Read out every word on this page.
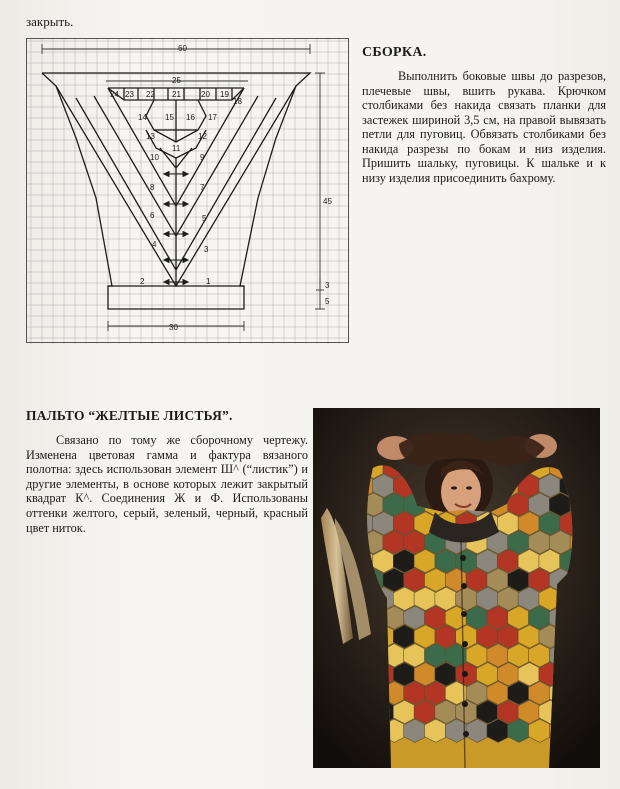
закрыть.
60
25
30
45
3
5
24 23 22 21	20 19
18
14 15 16 17
13	12
11
10	9
8	7
6	5
4
3
2	1
СБОРКА.

Выполнить боковые швы до разрезов, плечевые швы, вшить рукава. Крючком столбиками без накида связать планки для застежек шириной 3,5 см, на правой вывязать петли для пуговиц. Обвязать столбиками без накида разрезы по бокам и низ изделия. Пришить шальку, пуговицы. К шальке и к низу изделия присоединить бахрому.

ПАЛЬТО “ЖЕЛТЫЕ ЛИСТЬЯ”.

Связано по тому же сборочному чертежу. Изменена цветовая гамма и фактура вязаного полотна: здесь использован элемент Ш^ (“листик”) и другие элементы, в основе которых лежит закрытый квадрат К^. Соединения Ж и Ф. Использованы оттенки желтого, серый, зеленый, черный, красный цвет ниток.
